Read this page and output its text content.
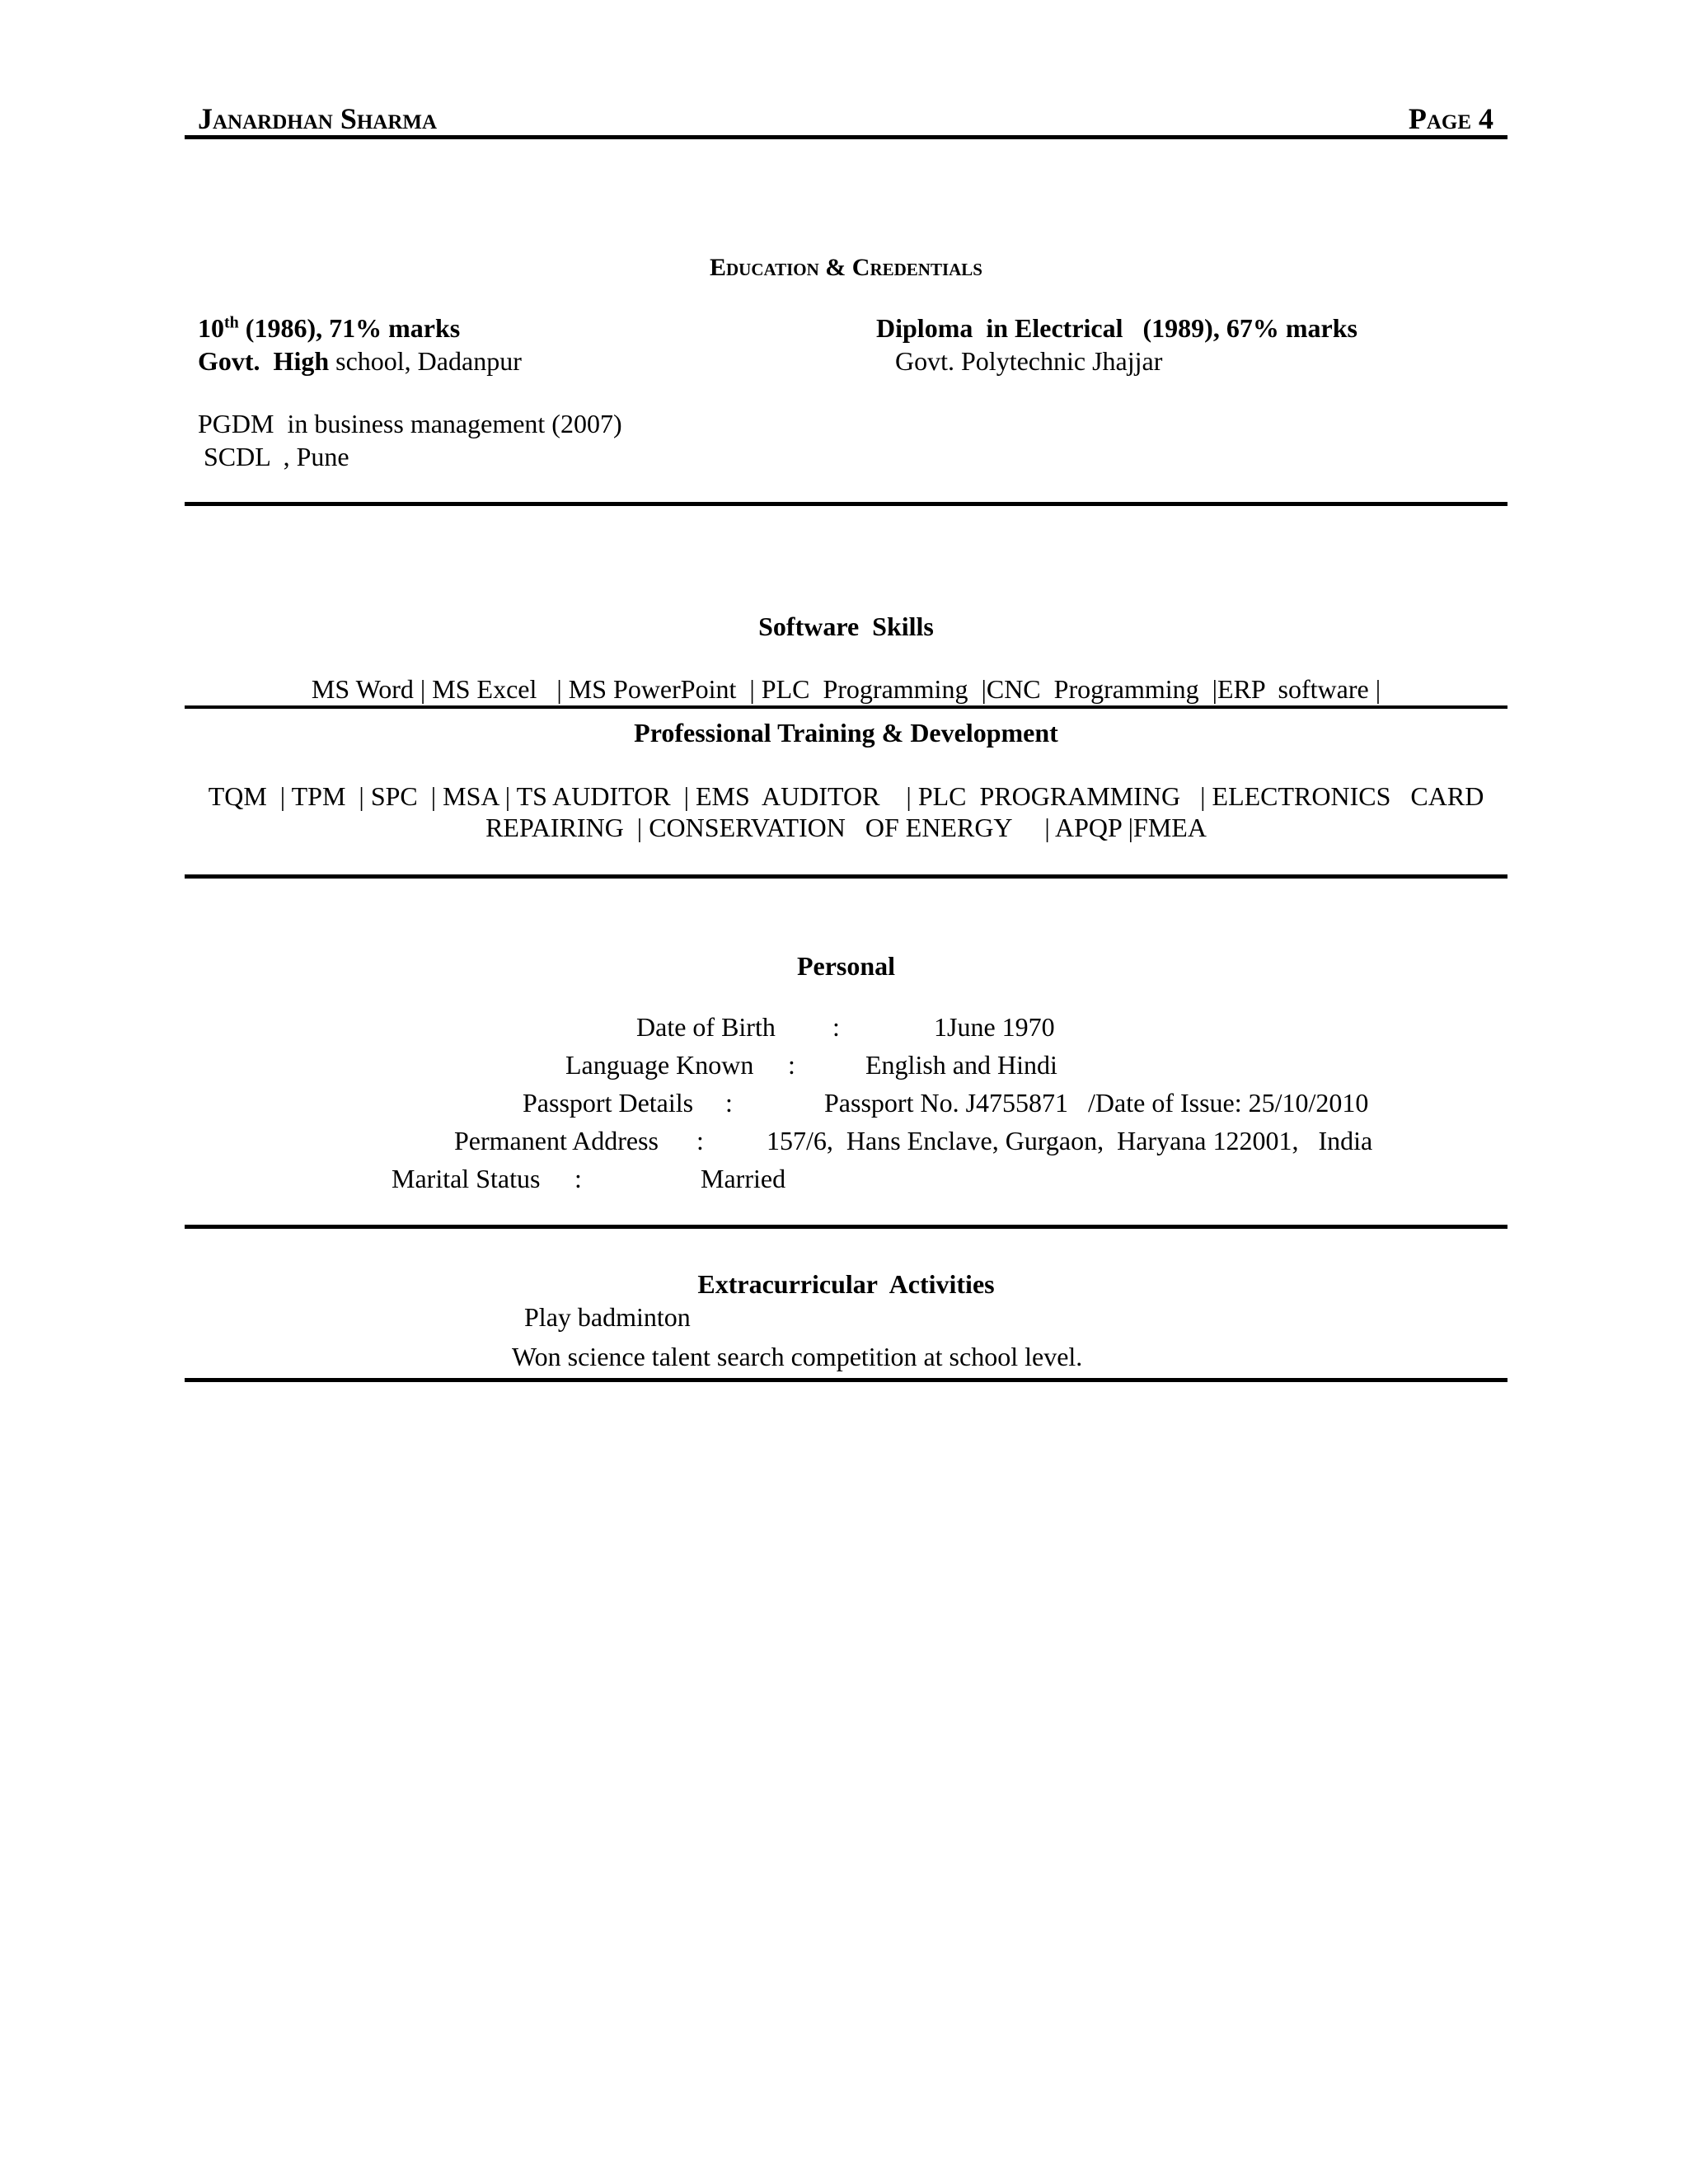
Janardhan Sharma	Page 4
Education & Credentials
10th (1986), 71% marks
Govt.  High school, Dadanpur
Diploma  in Electrical   (1989), 67% marks
Govt. Polytechnic Jhajjar
PGDM  in business management (2007)
SCDL  , Pune
Software  Skills
MS Word | MS Excel   | MS PowerPoint  | PLC  Programming  |CNC  Programming  |ERP  software |
Professional Training & Development
TQM  | TPM  | SPC  | MSA | TS AUDITOR  | EMS  AUDITOR    | PLC  PROGRAMMING   | ELECTRONICS   CARD
REPAIRING  | CONSERVATION   OF ENERGY     | APQP |FMEA
Personal
Date of Birth :	1June 1970
Language Known :	English and Hindi
Passport Details :	Passport No. J4755871   /Date of Issue: 25/10/2010
Permanent Address : 157/6,  Hans Enclave, Gurgaon,  Haryana 122001,   India
Marital Status :	Married
Extracurricular  Activities
Play badminton
Won science talent search competition at school level.
